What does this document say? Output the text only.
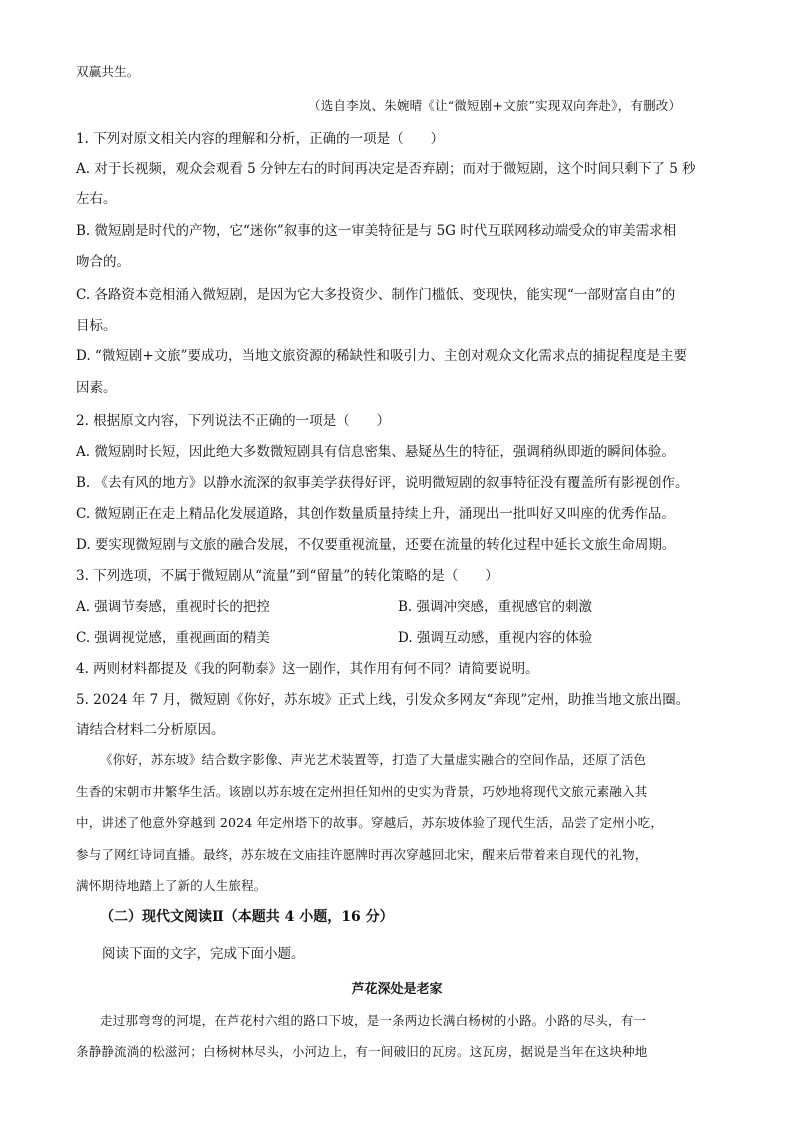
双赢共生。
（选自李岚、朱婉晴《让“微短剧+文旅”实现双向奔赴》，有删改）
1. 下列对原文相关内容的理解和分析，正确的一项是（　　）
A. 对于长视频，观众会观看 5 分钟左右的时间再决定是否弃剧；而对于微短剧，这个时间只剩下了 5 秒
左右。
B. 微短剧是时代的产物，它“迷你”叙事的这一审美特征是与 5G 时代互联网移动端受众的审美需求相
吻合的。
C. 各路资本竞相涌入微短剧，是因为它大多投资少、制作门槛低、变现快，能实现“一部财富自由”的
目标。
D. “微短剧+文旅”要成功，当地文旅资源的稀缺性和吸引力、主创对观众文化需求点的捕捉程度是主要
因素。
2. 根据原文内容，下列说法不正确的一项是（　　）
A. 微短剧时长短，因此绝大多数微短剧具有信息密集、悬疑丛生的特征，强调稍纵即逝的瞬间体验。
B. 《去有风的地方》以静水流深的叙事美学获得好评，说明微短剧的叙事特征没有覆盖所有影视创作。
C. 微短剧正在走上精品化发展道路，其创作数量质量持续上升，涌现出一批叫好又叫座的优秀作品。
D. 要实现微短剧与文旅的融合发展，不仅要重视流量，还要在流量的转化过程中延长文旅生命周期。
3. 下列选项，不属于微短剧从“流量”到“留量”的转化策略的是（　　）
A. 强调节奏感，重视时长的把控	B. 强调冲突感，重视感官的刺激
C. 强调视觉感，重视画面的精美	D. 强调互动感，重视内容的体验
4. 两则材料都提及《我的阿勒泰》这一剧作，其作用有何不同？请简要说明。
5. 2024 年 7 月，微短剧《你好，苏东坡》正式上线，引发众多网友“奔现”定州，助推当地文旅出圈。
请结合材料二分析原因。
《你好，苏东坡》结合数字影像、声光艺术装置等，打造了大量虚实融合的空间作品，还原了活色
生香的宋朝市井繁华生活。该剧以苏东坡在定州担任知州的史实为背景，巧妙地将现代文旅元素融入其
中，讲述了他意外穿越到 2024 年定州塔下的故事。穿越后，苏东坡体验了现代生活，品尝了定州小吃，
参与了网红诗词直播。最终，苏东坡在文庙挂许愿牌时再次穿越回北宋，醒来后带着来自现代的礼物，
满怀期待地踏上了新的人生旅程。
（二）现代文阅读Ⅱ（本题共 4 小题，16 分）
阅读下面的文字，完成下面小题。
芦花深处是老家
走过那弯弯的河堤，在芦花村六组的路口下坡，是一条两边长满白杨树的小路。小路的尽头，有一
条静静流淌的松滋河；白杨树林尽头，小河边上，有一间破旧的瓦房。这瓦房，据说是当年在这块种地
